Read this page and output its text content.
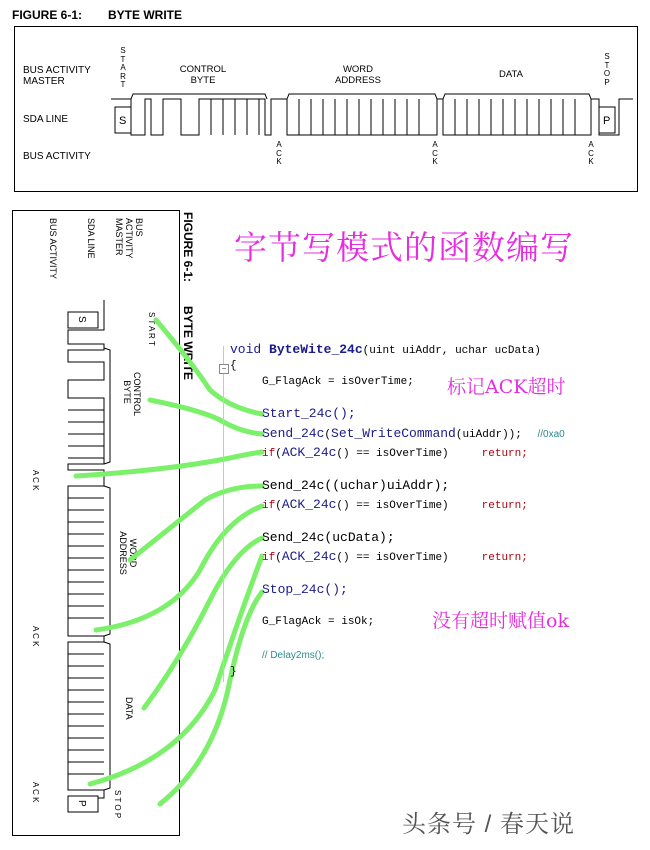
FIGURE 6-1: BYTE WRITE
BUS ACTIVITY MASTER
SDA LINE
BUS ACTIVITY
S
T
A
R
T
S
T
O
P
A
C
K
A
C
K
A
C
K
CONTROL BYTE
WORD ADDRESS
DATA
S	P
FIGURE 6-1:
BYTE WRITE
BUS ACTIVITY MASTER
SDA LINE
BUS ACTIVITY
S T A R T
CONTROL BYTE
WORD ADDRESS
DATA
S T O P
A C K
A C K
A C K
S
P
字节写模式的函数编写
−
void ByteWite_24c(uint uiAddr, uchar ucData)
{
G_FlagAck = isOverTime; 标记ACK超时
Start_24c();
Send_24c(Set_WriteCommand(uiAddr)); //0xa0
if(ACK_24c() == isOverTime)	return;
Send_24c((uchar)uiAddr);
if(ACK_24c() == isOverTime)	return;
Send_24c(ucData);
if(ACK_24c() == isOverTime)	return;
Stop_24c();
G_FlagAck = isOk;	没有超时赋值ok
// Delay2ms();
}
头条号 / 春天说
